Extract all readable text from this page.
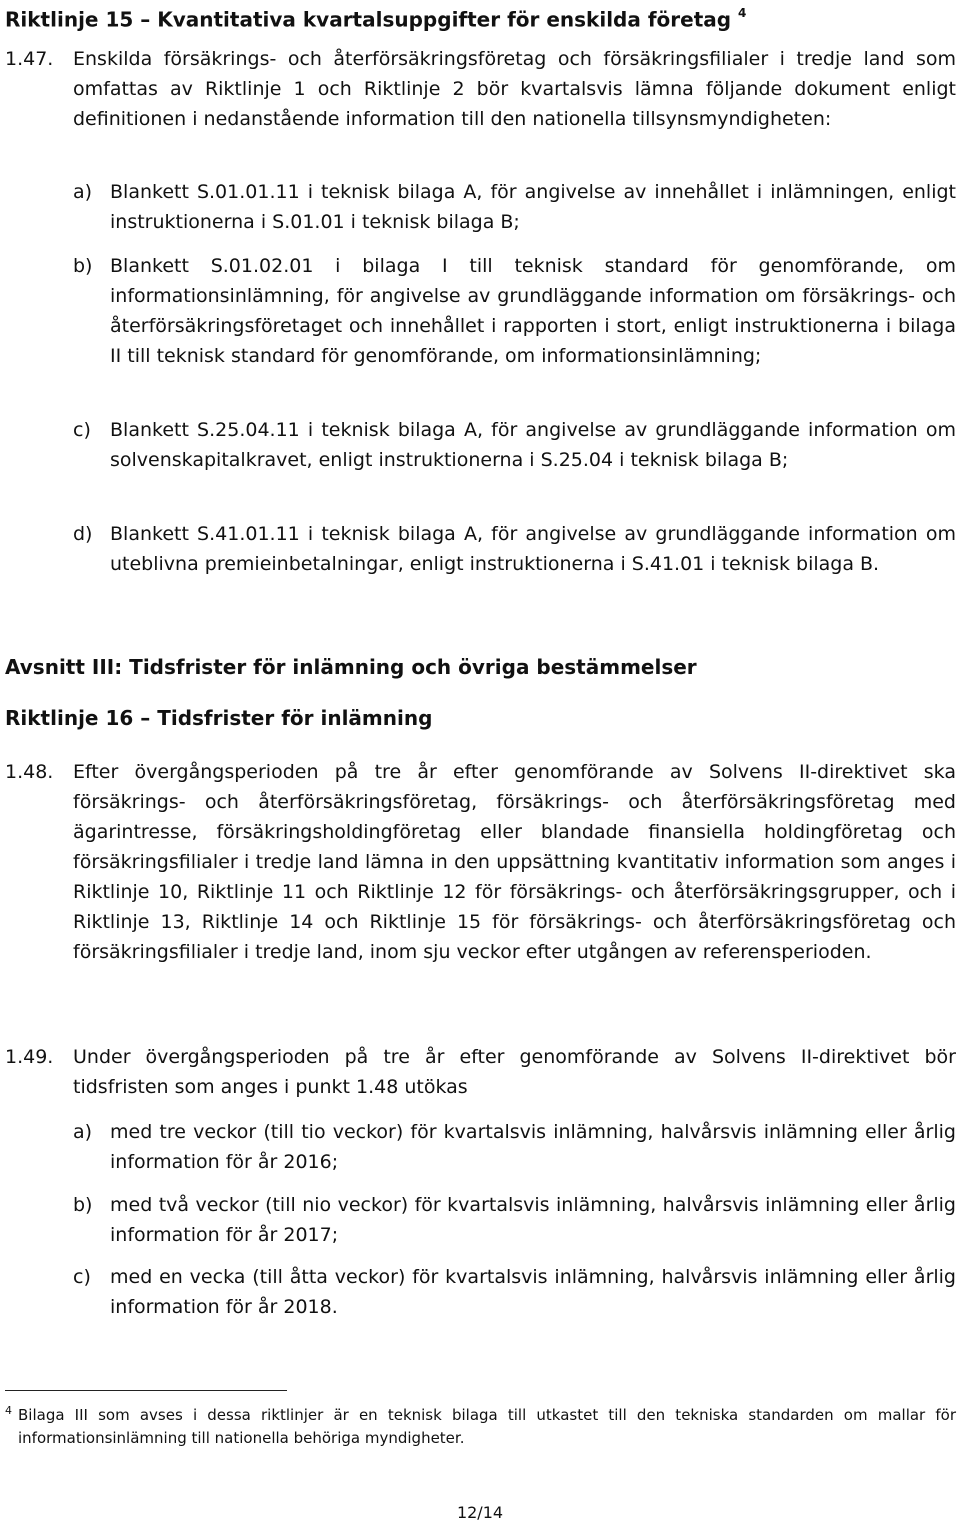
Riktlinje 15 – Kvantitativa kvartalsuppgifter för enskilda företag $^4$
1.47. Enskilda försäkrings- och återförsäkringsföretag och försäkringsfilialer i tredje land som omfattas av Riktlinje 1 och Riktlinje 2 bör kvartalsvis lämna följande dokument enligt definitionen i nedanstående information till den nationella tillsynsmyndigheten:
a) Blankett S.01.01.11 i teknisk bilaga A, för angivelse av innehållet i inlämningen, enligt instruktionerna i S.01.01 i teknisk bilaga B;
b) Blankett S.01.02.01 i bilaga I till teknisk standard för genomförande, om informationsinlämning, för angivelse av grundläggande information om försäkrings- och återförsäkringsföretaget och innehållet i rapporten i stort, enligt instruktionerna i bilaga II till teknisk standard för genomförande, om informationsinlämning;
c) Blankett S.25.04.11 i teknisk bilaga A, för angivelse av grundläggande information om solvenskapitalkravet, enligt instruktionerna i S.25.04 i teknisk bilaga B;
d) Blankett S.41.01.11 i teknisk bilaga A, för angivelse av grundläggande information om uteblivna premieinbetalningar, enligt instruktionerna i S.41.01 i teknisk bilaga B.
Avsnitt III: Tidsfrister för inlämning och övriga bestämmelser
Riktlinje 16 – Tidsfrister för inlämning
1.48. Efter övergångsperioden på tre år efter genomförande av Solvens II-direktivet ska försäkrings- och återförsäkringsföretag, försäkrings- och återförsäkringsföretag med ägarintresse, försäkringsholdingföretag eller blandade finansiella holdingföretag och försäkringsfilialer i tredje land lämna in den uppsättning kvantitativ information som anges i Riktlinje 10, Riktlinje 11 och Riktlinje 12 för försäkrings- och återförsäkringsgrupper, och i Riktlinje 13, Riktlinje 14 och Riktlinje 15 för försäkrings- och återförsäkringsföretag och försäkringsfilialer i tredje land, inom sju veckor efter utgången av referensperioden.
1.49. Under övergångsperioden på tre år efter genomförande av Solvens II-direktivet bör tidsfristen som anges i punkt 1.48 utökas
a) med tre veckor (till tio veckor) för kvartalsvis inlämning, halvårsvis inlämning eller årlig information för år 2016;
b) med två veckor (till nio veckor) för kvartalsvis inlämning, halvårsvis inlämning eller årlig information för år 2017;
c) med en vecka (till åtta veckor) för kvartalsvis inlämning, halvårsvis inlämning eller årlig information för år 2018.
4 Bilaga III som avses i dessa riktlinjer är en teknisk bilaga till utkastet till den tekniska standarden om mallar för informationsinlämning till nationella behöriga myndigheter.
12/14
